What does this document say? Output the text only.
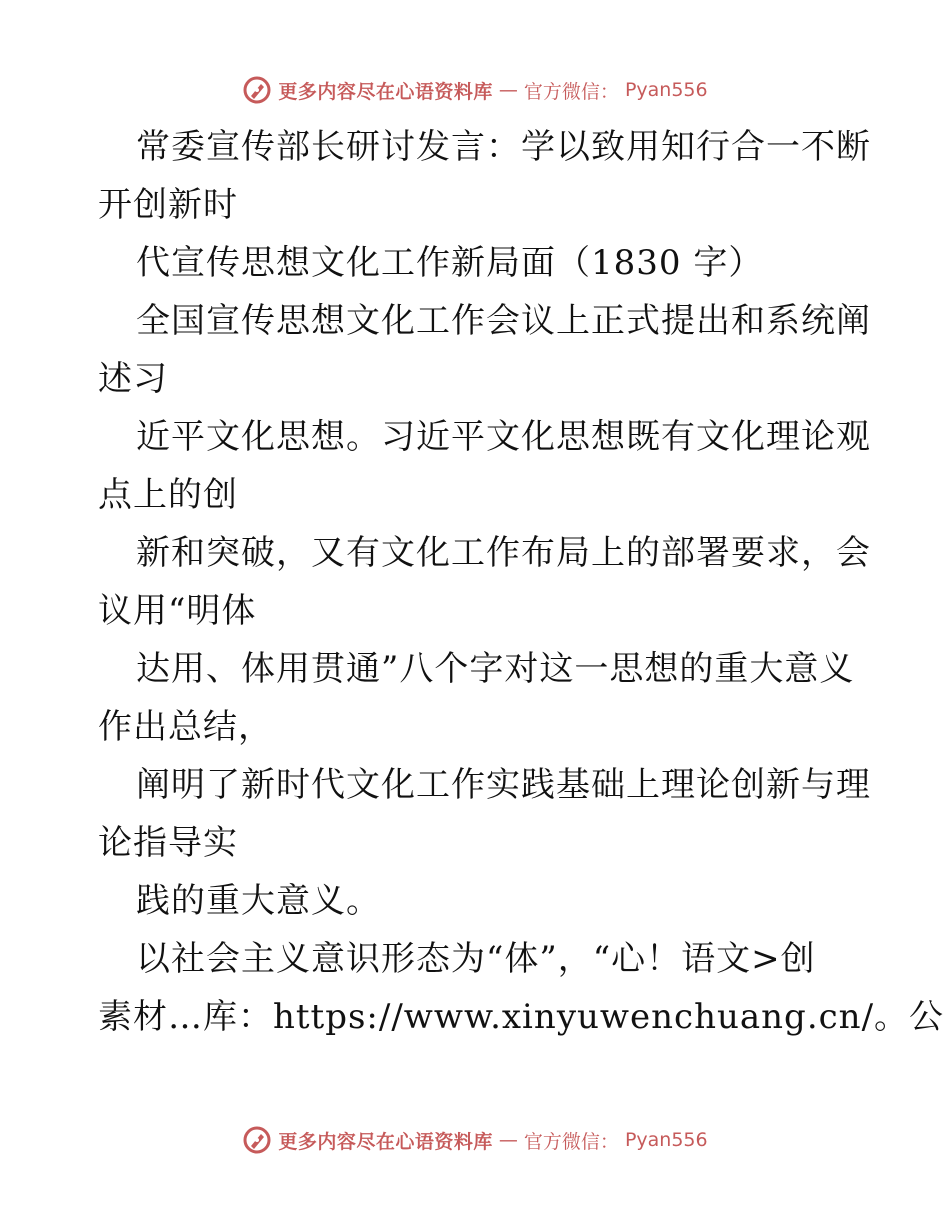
更多内容尽在心语资料库 — 官方微信： Pyan556
常委宣传部长研讨发言：学以致用知行合一不断
开创新时
代宣传思想文化工作新局面（1830 字）
全国宣传思想文化工作会议上正式提出和系统阐
述习
近平文化思想。习近平文化思想既有文化理论观
点上的创
新和突破，又有文化工作布局上的部署要求，会
议用“明体
达用、体用贯通”八个字对这一思想的重大意义
作出总结，
阐明了新时代文化工作实践基础上理论创新与理
论指导实
践的重大意义。
以社会主义意识形态为“体”，“心！语文>创
素材…库：https://www.xinyuwenchuang.cn/。公
更多内容尽在心语资料库 — 官方微信： Pyan556
